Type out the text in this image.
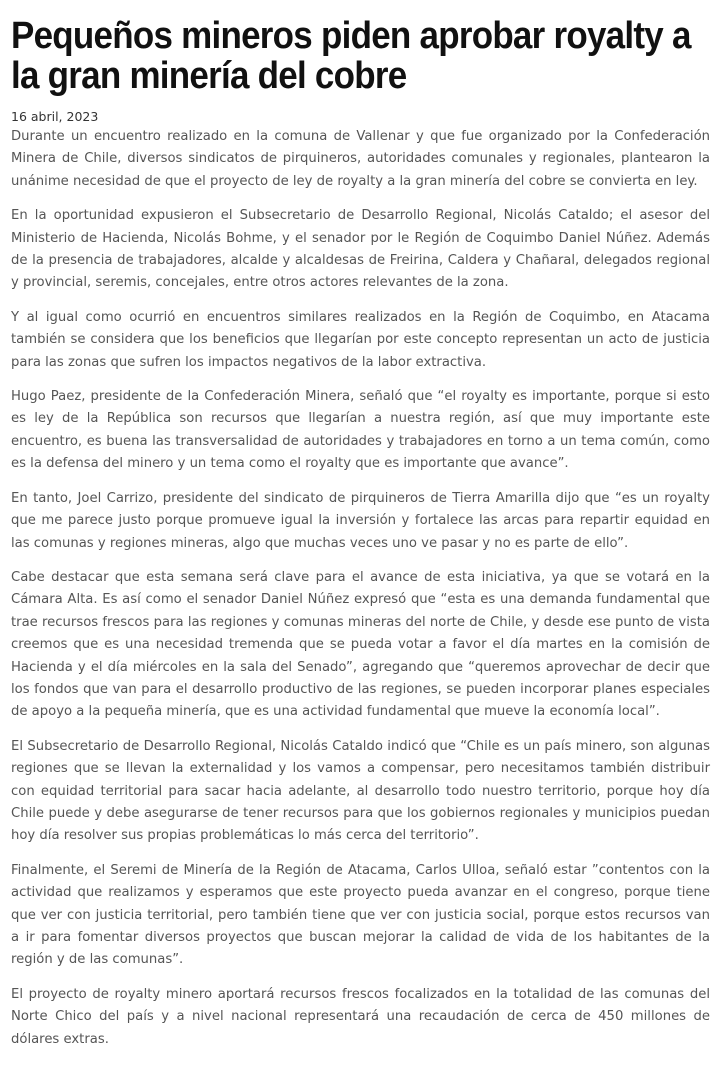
Pequeños mineros piden aprobar royalty a la gran minería del cobre
16 abril, 2023

Durante un encuentro realizado en la comuna de Vallenar y que fue organizado por la Confederación Minera de Chile, diversos sindicatos de pirquineros, autoridades comunales y regionales, plantearon la unánime necesidad de que el proyecto de ley de royalty a la gran minería del cobre se convierta en ley.

En la oportunidad expusieron el Subsecretario de Desarrollo Regional, Nicolás Cataldo; el asesor del Ministerio de Hacienda, Nicolás Bohme, y el senador por le Región de Coquimbo Daniel Núñez. Además de la presencia de trabajadores, alcalde y alcaldesas de Freirina, Caldera y Chañaral, delegados regional y provincial, seremis, concejales, entre otros actores relevantes de la zona.

Y al igual como ocurrió en encuentros similares realizados en la Región de Coquimbo, en Atacama también se considera que los beneficios que llegarían por este concepto representan un acto de justicia para las zonas que sufren los impactos negativos de la labor extractiva.

Hugo Paez, presidente de la Confederación Minera, señaló que “el royalty es importante, porque si esto es ley de la República son recursos que llegarían a nuestra región, así que muy importante este encuentro, es buena las transversalidad de autoridades y trabajadores en torno a un tema común, como es la defensa del minero y un tema como el royalty que es importante que avance”.

En tanto, Joel Carrizo, presidente del sindicato de pirquineros de Tierra Amarilla dijo que “es un royalty que me parece justo porque promueve igual la inversión y fortalece las arcas para repartir equidad en las comunas y regiones mineras, algo que muchas veces uno ve pasar y no es parte de ello”.

Cabe destacar que esta semana será clave para el avance de esta iniciativa, ya que se votará en la Cámara Alta. Es así como el senador Daniel Núñez expresó que “esta es una demanda fundamental que trae recursos frescos para las regiones y comunas mineras del norte de Chile, y desde ese punto de vista creemos que es una necesidad tremenda que se pueda votar a favor el día martes en la comisión de Hacienda y el día miércoles en la sala del Senado”, agregando que “queremos aprovechar de decir que los fondos que van para el desarrollo productivo de las regiones, se pueden incorporar planes especiales de apoyo a la pequeña minería, que es una actividad fundamental que mueve la economía local”.

El Subsecretario de Desarrollo Regional, Nicolás Cataldo indicó que “Chile es un país minero, son algunas regiones que se llevan la externalidad y los vamos a compensar, pero necesitamos también distribuir con equidad territorial para sacar hacia adelante, al desarrollo todo nuestro territorio, porque hoy día Chile puede y debe asegurarse de tener recursos para que los gobiernos regionales y municipios puedan hoy día resolver sus propias problemáticas lo más cerca del territorio”.

Finalmente, el Seremi de Minería de la Región de Atacama, Carlos Ulloa, señaló estar ”contentos con la actividad que realizamos y esperamos que este proyecto pueda avanzar en el congreso, porque tiene que ver con justicia territorial, pero también tiene que ver con justicia social, porque estos recursos van a ir para fomentar diversos proyectos que buscan mejorar la calidad de vida de los habitantes de la región y de las comunas”.

El proyecto de royalty minero aportará recursos frescos focalizados en la totalidad de las comunas del Norte Chico del país y a nivel nacional representará una recaudación de cerca de 450 millones de dólares extras.
